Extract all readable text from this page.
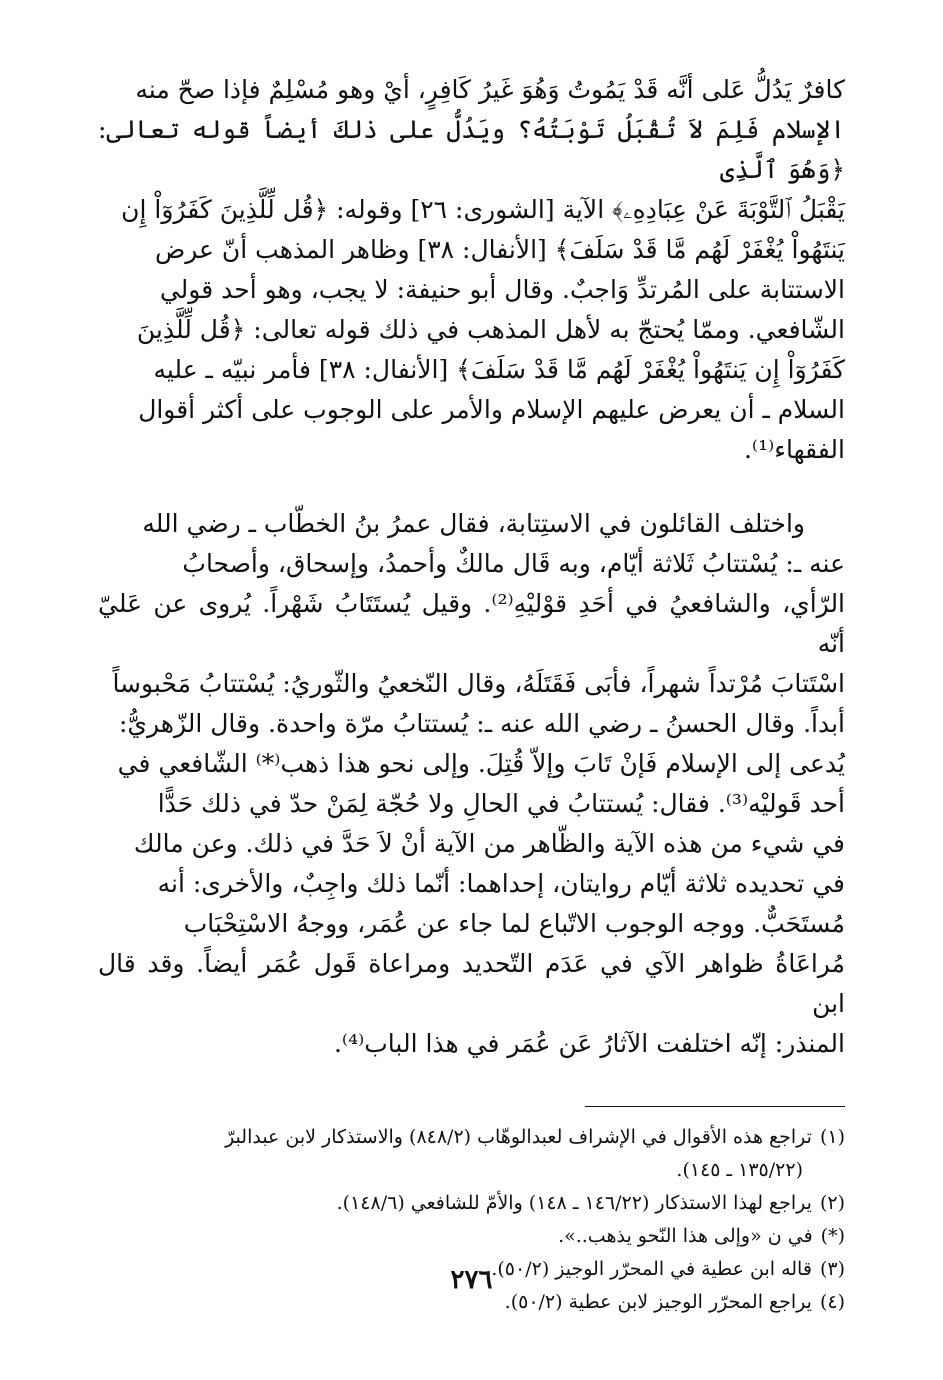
كافرٌ يَدُلُّ عَلى أنَّه قَدْ يَمُوتُ وَهُوَ غَيرُ كَافِرٍ، أيْ وهو مُسْلِمٌ فإذا صحّ منه

الإسلام فَلِمَ لاَ تُقْبَلُ تَوْبَتُهُ؟ ويَدُلُّ على ذلكَ أيضاً قوله تعالى: ﴿وَهُوَ ٱلَّذِى

يَقْبَلُ ٱلتَّوْبَةَ عَنْ عِبَادِهِۦ﴾ الآية [الشورى: ٢٦] وقوله: ﴿قُل لِّلَّذِينَ كَفَرُوٓاْ إِن

يَنتَهُواْ يُغْفَرْ لَهُم مَّا قَدْ سَلَفَ﴾ [الأنفال: ٣٨] وظاهر المذهب أنّ عرض

الاستتابة على المُرتدِّ وَاجبٌ. وقال أبو حنيفة: لا يجب، وهو أحد قولي

الشّافعي. وممّا يُحتجّ به لأهل المذهب في ذلك قوله تعالى: ﴿قُل لِّلَّذِينَ

كَفَرُوٓاْ إِن يَنتَهُواْ يُغْفَرْ لَهُم مَّا قَدْ سَلَفَ﴾ [الأنفال: ٣٨] فأمر نبيّه ـ عليه

السلام ـ أن يعرض عليهم الإسلام والأمر على الوجوب على أكثر أقوال

الفقهاء⁽¹⁾.

واختلف القائلون في الاستِتابة، فقال عمرُ بنُ الخطّاب ـ رضي الله

عنه ـ: يُسْتتابُ ثَلاثة أيّام، وبه قَال مالكٌ وأحمدُ، وإسحاق، وأصحابُ

الرّأي، والشافعيُ في أحَدِ قوْليْهِ⁽²⁾. وقيل يُستَتَابُ شَهْراً. يُروى عن عَليّ أنّه

اسْتَتابَ مُرْتداً شهراً، فأبَى فَقَتَلَهُ، وقال النّخعيُ والثّوريُ: يُسْتتابُ مَحْبوساً

أبداً. وقال الحسنُ ـ رضي الله عنه ـ: يُستتابُ مرّة واحدة. وقال الزّهريُّ:

يُدعى إلى الإسلام فَإنْ تَابَ وإلاّ قُتِلَ. وإلى نحو هذا ذهب⁽*⁾ الشّافعي في

أحد قَوليْه⁽³⁾. فقال: يُستتابُ في الحالِ ولا حُجّة لِمَنْ حدّ في ذلك حَدًّا

في شيء من هذه الآية والظّاهر من الآية أنْ لاَ حَدَّ في ذلك. وعن مالك

في تحديده ثلاثة أيّام روايتان، إحداهما: أنّما ذلك واجِبٌ، والأخرى: أنه

مُستَحَبٌّ. ووجه الوجوب الاتّباع لما جاء عن عُمَر، ووجهُ الاسْتِحْبَاب

مُراعَاةُ ظواهر الآي في عَدَم التّحديد ومراعاة قَول عُمَر أيضاً. وقد قال ابن

المنذر: إنّه اختلفت الآثارُ عَن عُمَر في هذا الباب⁽⁴⁾.

(١)تراجع هذه الأقوال في الإشراف لعبدالوهّاب (٨٤٨/٢) والاستذكار لابن عبدالبرّ

(١٣٥/٢٢ ـ ١٤٥).

(٢)يراجع لهذا الاستذكار (١٤٦/٢٢ ـ ١٤٨) والأمّ للشافعي (١٤٨/٦).

(*)في ن «وإلى هذا النّحو يذهب..».

(٣)قاله ابن عطية في المحرّر الوجيز (٥٠/٢).

(٤)يراجع المحرّر الوجيز لابن عطية (٥٠/٢).

٢٧٦
